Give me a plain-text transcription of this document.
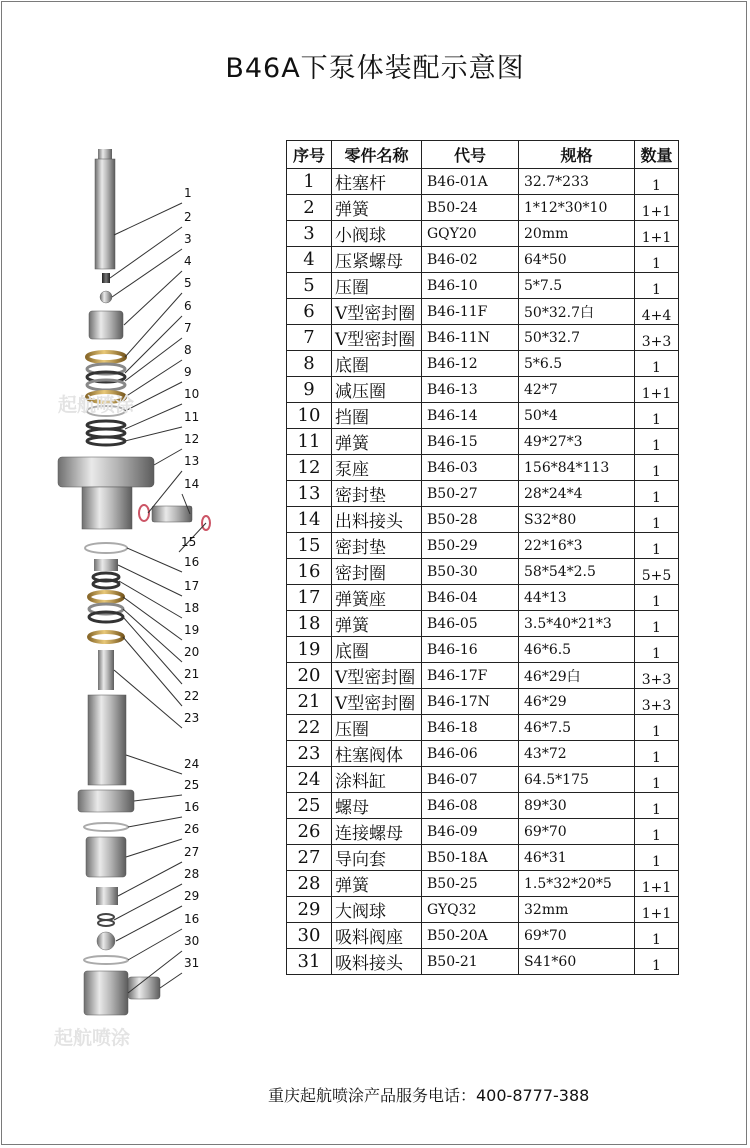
B46A下泵体装配示意图
起航喷涂
起航喷涂
1
2
3
4
5
6
7
8
9
10
11
12
13
14
15
16
17
18
19
20
21
22
23
24
25
16
26
27
28
29
16
30
31
序号	零件名称	代号	规格	数量
1	柱塞杆	B46-01A	32.7*233	1
2	弹簧	B50-24	1*12*30*10	1+1
3	小阀球	GQY20	20mm	1+1
4	压紧螺母	B46-02	64*50	1
5	压圈	B46-10	5*7.5	1
6	V型密封圈	B46-11F	50*32.7白	4+4
7	V型密封圈	B46-11N	50*32.7	3+3
8	底圈	B46-12	5*6.5	1
9	减压圈	B46-13	42*7	1+1
10	挡圈	B46-14	50*4	1
11	弹簧	B46-15	49*27*3	1
12	泵座	B46-03	156*84*113	1
13	密封垫	B50-27	28*24*4	1
14	出料接头	B50-28	S32*80	1
15	密封垫	B50-29	22*16*3	1
16	密封圈	B50-30	58*54*2.5	5+5
17	弹簧座	B46-04	44*13	1
18	弹簧	B46-05	3.5*40*21*3	1
19	底圈	B46-16	46*6.5	1
20	V型密封圈	B46-17F	46*29白	3+3
21	V型密封圈	B46-17N	46*29	3+3
22	压圈	B46-18	46*7.5	1
23	柱塞阀体	B46-06	43*72	1
24	涂料缸	B46-07	64.5*175	1
25	螺母	B46-08	89*30	1
26	连接螺母	B46-09	69*70	1
27	导向套	B50-18A	46*31	1
28	弹簧	B50-25	1.5*32*20*5	1+1
29	大阀球	GYQ32	32mm	1+1
30	吸料阀座	B50-20A	69*70	1
31	吸料接头	B50-21	S41*60	1
重庆起航喷涂产品服务电话：400-8777-388
